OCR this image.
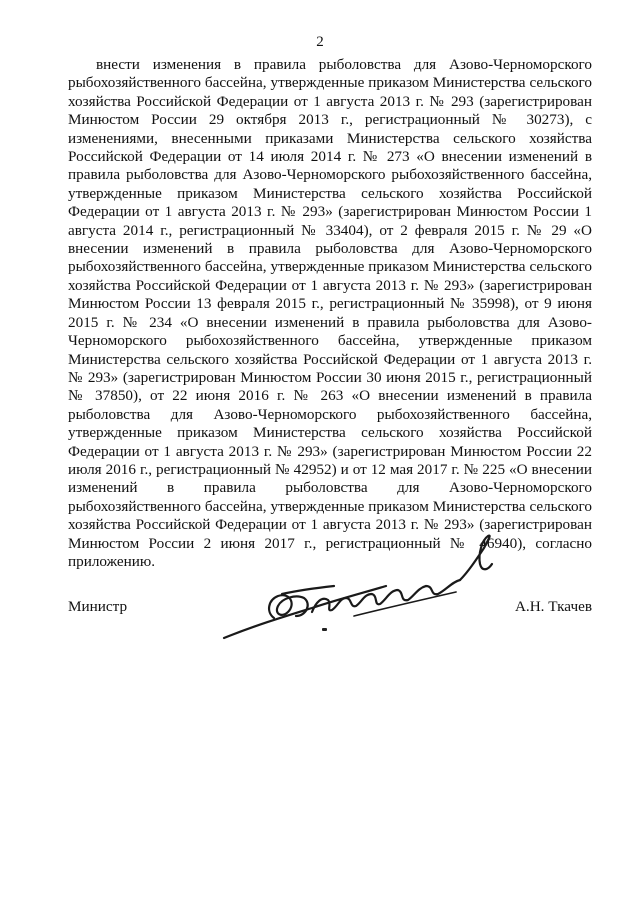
2

внести изменения в правила рыболовства для Азово-Черноморского рыбохозяйственного бассейна, утвержденные приказом Министерства сельского хозяйства Российской Федерации от 1 августа 2013 г. № 293 (зарегистрирован Минюстом России 29 октября 2013 г., регистрационный № 30273), с изменениями, внесенными приказами Министерства сельского хозяйства Российской Федерации от 14 июля 2014 г. № 273 «О внесении изменений в правила рыболовства для Азово-Черноморского рыбохозяйственного бассейна, утвержденные приказом Министерства сельского хозяйства Российской Федерации от 1 августа 2013 г. № 293» (зарегистрирован Минюстом России 1 августа 2014 г., регистрационный № 33404), от 2 февраля 2015 г. № 29 «О внесении изменений в правила рыболовства для Азово-Черноморского рыбохозяйственного бассейна, утвержденные приказом Министерства сельского хозяйства Российской Федерации от 1 августа 2013 г. № 293» (зарегистрирован Минюстом России 13 февраля 2015 г., регистрационный № 35998), от 9 июня 2015 г. № 234 «О внесении изменений в правила рыболовства для Азово-Черноморского рыбохозяйственного бассейна, утвержденные приказом Министерства сельского хозяйства Российской Федерации от 1 августа 2013 г. № 293» (зарегистрирован Минюстом России 30 июня 2015 г., регистрационный № 37850), от 22 июня 2016 г. № 263 «О внесении изменений в правила рыболовства для Азово-Черноморского рыбохозяйственного бассейна, утвержденные приказом Министерства сельского хозяйства Российской Федерации от 1 августа 2013 г. № 293» (зарегистрирован Минюстом России 22 июля 2016 г., регистрационный № 42952) и от 12 мая 2017 г. № 225 «О внесении изменений в правила рыболовства для Азово-Черноморского рыбохозяйственного бассейна, утвержденные приказом Министерства сельского хозяйства Российской Федерации от 1 августа 2013 г. № 293» (зарегистрирован Минюстом России 2 июня 2017 г., регистрационный № 46940), согласно приложению.

Министр	А.Н. Ткачев
